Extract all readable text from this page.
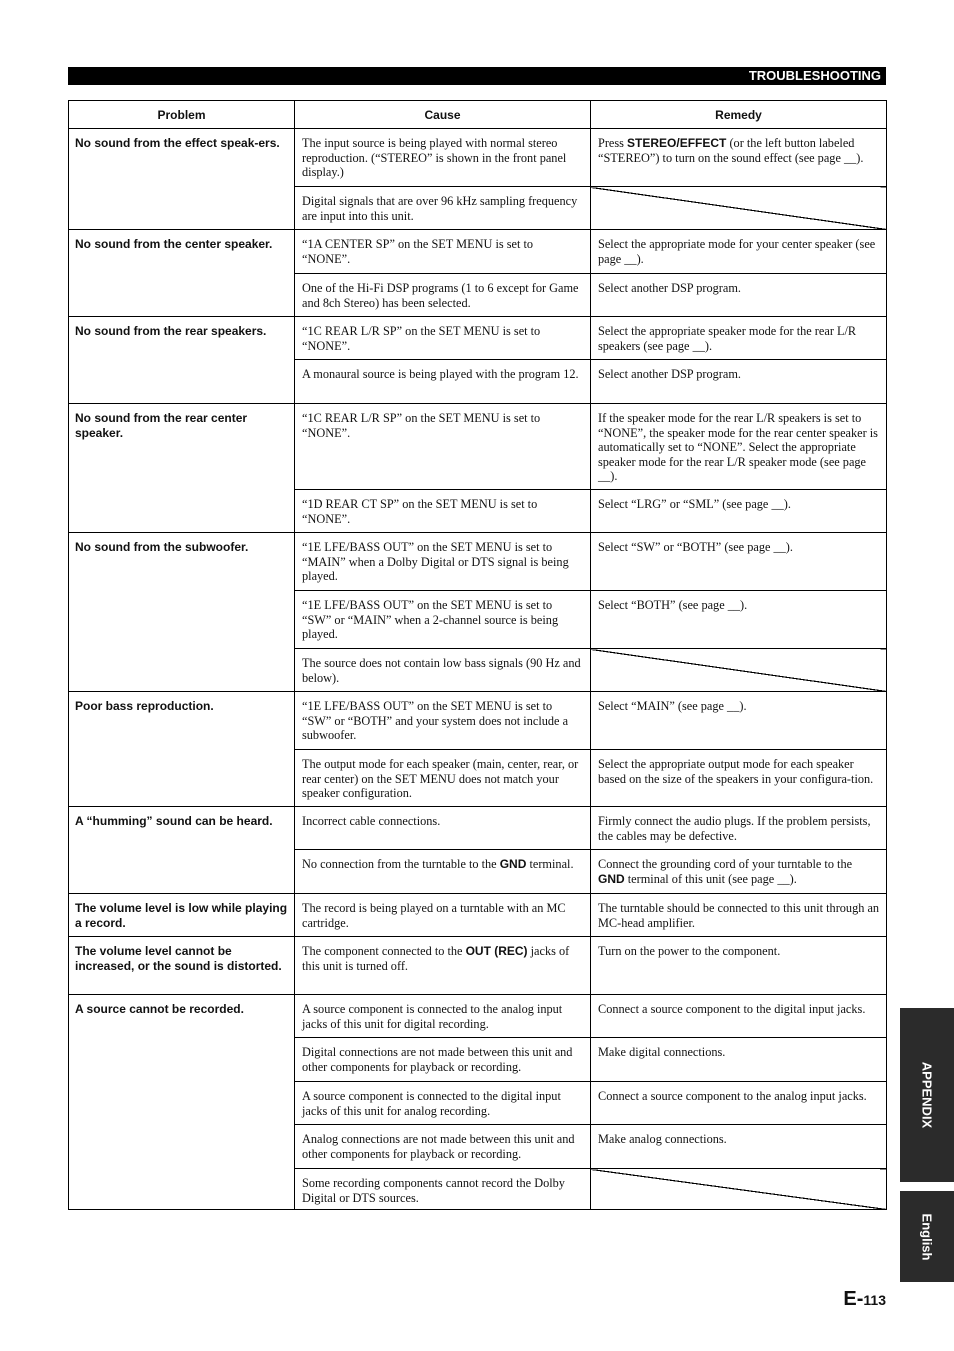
TROUBLESHOOTING
Problem	Cause	Remedy
No sound from the effect speak-ers.	The input source is being played with normal stereo reproduction. (“STEREO” is shown in the front panel display.)	Press STEREO/EFFECT (or the left button labeled “STEREO”) to turn on the sound effect (see page __).
	Digital signals that are over 96 kHz sampling frequency are input into this unit.	
No sound from the center speaker.	“1A CENTER SP” on the SET MENU is set to “NONE”.	Select the appropriate mode for your center speaker (see page __).
	One of the Hi-Fi DSP programs (1 to 6 except for Game and 8ch Stereo) has been selected.	Select another DSP program.
No sound from the rear speakers.	“1C REAR L/R SP” on the SET MENU is set to “NONE”.	Select the appropriate speaker mode for the rear L/R speakers (see page __).
	A monaural source is being played with the program 12.	Select another DSP program.
No sound from the rear center speaker.	“1C REAR L/R SP” on the SET MENU is set to “NONE”.	If the speaker mode for the rear L/R speakers is set to “NONE”, the speaker mode for the rear center speaker is automatically set to “NONE”. Select the appropriate speaker mode for the rear L/R speaker mode (see page __).
	“1D REAR CT SP” on the SET MENU is set to “NONE”.	Select “LRG” or “SML” (see page __).
No sound from the subwoofer.	“1E LFE/BASS OUT” on the SET MENU is set to “MAIN” when a Dolby Digital or DTS signal is being played.	Select “SW” or “BOTH” (see page __).
	“1E LFE/BASS OUT” on the SET MENU is set to “SW” or “MAIN” when a 2-channel source is being played.	Select “BOTH” (see page __).
	The source does not contain low bass signals (90 Hz and below).	
Poor bass reproduction.	“1E LFE/BASS OUT” on the SET MENU is set to “SW” or “BOTH” and your system does not include a subwoofer.	Select “MAIN” (see page __).
	The output mode for each speaker (main, center, rear, or rear center) on the SET MENU does not match your speaker configuration.	Select the appropriate output mode for each speaker based on the size of the speakers in your configura-tion.
A “humming” sound can be heard.	Incorrect cable connections.	Firmly connect the audio plugs. If the problem persists, the cables may be defective.
	No connection from the turntable to the GND terminal.	Connect the grounding cord of your turntable to the GND terminal of this unit (see page __).
The volume level is low while playing a record.	The record is being played on a turntable with an MC cartridge.	The turntable should be connected to this unit through an MC-head amplifier.
The volume level cannot be increased, or the sound is distorted.	The component connected to the OUT (REC) jacks of this unit is turned off.	Turn on the power to the component.
A source cannot be recorded.	A source component is connected to the analog input jacks of this unit for digital recording.	Connect a source component to the digital input jacks.
	Digital connections are not made between this unit and other components for playback or recording.	Make digital connections.
	A source component is connected to the digital input jacks of this unit for analog recording.	Connect a source component to the analog input jacks.
	Analog connections are not made between this unit and other components for playback or recording.	Make analog connections.
	Some recording components cannot record the Dolby Digital or DTS sources.	
APPENDIX
English
E-113
